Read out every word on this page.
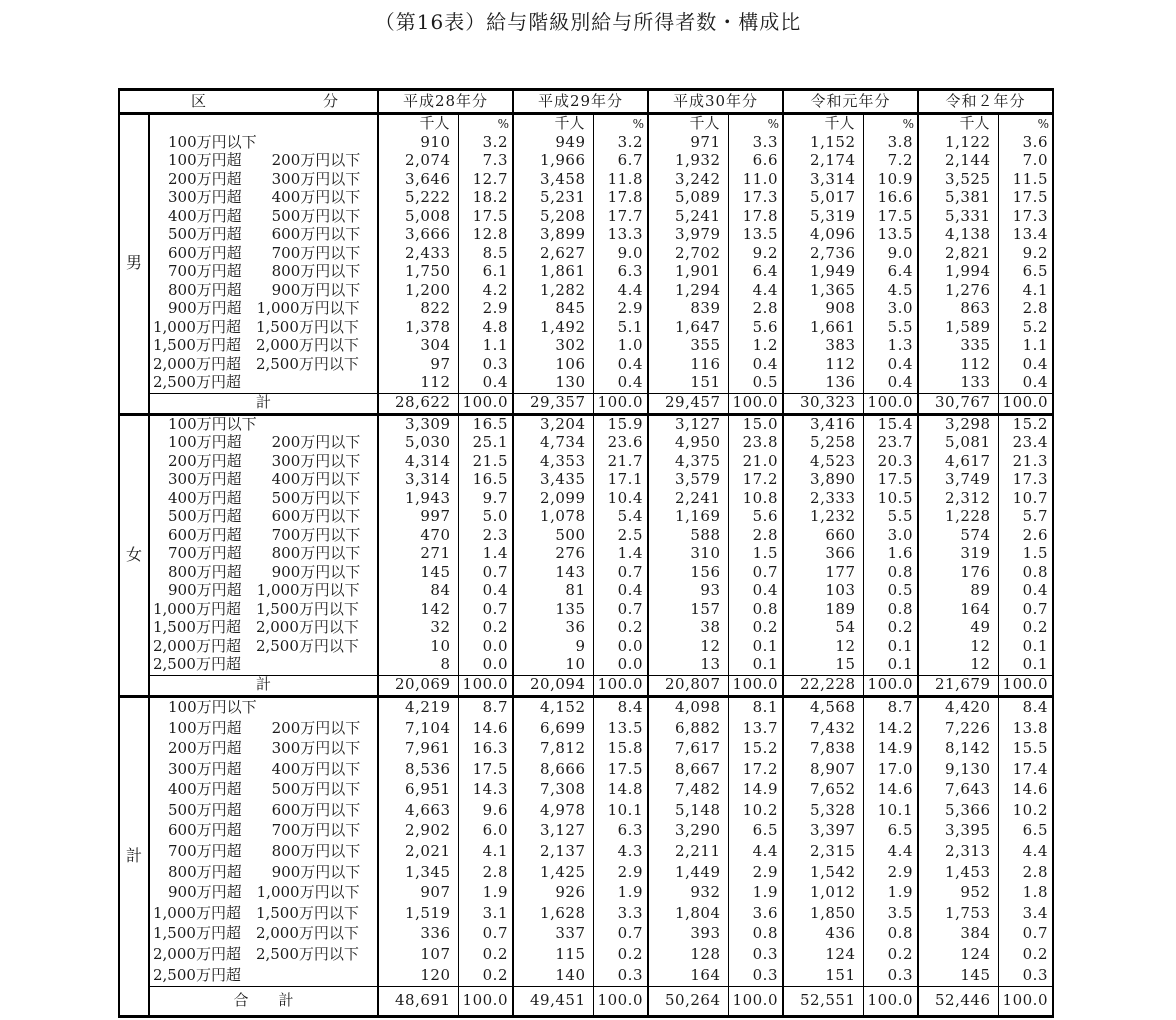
（第16表）給与階級別給与所得者数・構成比
区 分		平成28年分		平成29年分		平成30年分		令和元年分		令和２年分	
男		千人	%	千人	%	千人	%	千人	%	千人	%
	　100万円以下	910	3.2	949	3.2	971	3.3	1,152	3.8	1,122	3.6
	　100万円超　　200万円以下	2,074	7.3	1,966	6.7	1,932	6.6	2,174	7.2	2,144	7.0
	　200万円超　　300万円以下	3,646	12.7	3,458	11.8	3,242	11.0	3,314	10.9	3,525	11.5
	　300万円超　　400万円以下	5,222	18.2	5,231	17.8	5,089	17.3	5,017	16.6	5,381	17.5
	　400万円超　　500万円以下	5,008	17.5	5,208	17.7	5,241	17.8	5,319	17.5	5,331	17.3
	　500万円超　　600万円以下	3,666	12.8	3,899	13.3	3,979	13.5	4,096	13.5	4,138	13.4
	　600万円超　　700万円以下	2,433	8.5	2,627	9.0	2,702	9.2	2,736	9.0	2,821	9.2
	　700万円超　　800万円以下	1,750	6.1	1,861	6.3	1,901	6.4	1,949	6.4	1,994	6.5
	　800万円超　　900万円以下	1,200	4.2	1,282	4.4	1,294	4.4	1,365	4.5	1,276	4.1
	　900万円超　1,000万円以下	822	2.9	845	2.9	839	2.8	908	3.0	863	2.8
	1,000万円超　1,500万円以下	1,378	4.8	1,492	5.1	1,647	5.6	1,661	5.5	1,589	5.2
	1,500万円超　2,000万円以下	304	1.1	302	1.0	355	1.2	383	1.3	335	1.1
	2,000万円超　2,500万円以下	97	0.3	106	0.4	116	0.4	112	0.4	112	0.4
	2,500万円超	112	0.4	130	0.4	151	0.5	136	0.4	133	0.4
	計	28,622	100.0	29,357	100.0	29,457	100.0	30,323	100.0	30,767	100.0
女	　100万円以下	3,309	16.5	3,204	15.9	3,127	15.0	3,416	15.4	3,298	15.2
	　100万円超　　200万円以下	5,030	25.1	4,734	23.6	4,950	23.8	5,258	23.7	5,081	23.4
	　200万円超　　300万円以下	4,314	21.5	4,353	21.7	4,375	21.0	4,523	20.3	4,617	21.3
	　300万円超　　400万円以下	3,314	16.5	3,435	17.1	3,579	17.2	3,890	17.5	3,749	17.3
	　400万円超　　500万円以下	1,943	9.7	2,099	10.4	2,241	10.8	2,333	10.5	2,312	10.7
	　500万円超　　600万円以下	997	5.0	1,078	5.4	1,169	5.6	1,232	5.5	1,228	5.7
	　600万円超　　700万円以下	470	2.3	500	2.5	588	2.8	660	3.0	574	2.6
	　700万円超　　800万円以下	271	1.4	276	1.4	310	1.5	366	1.6	319	1.5
	　800万円超　　900万円以下	145	0.7	143	0.7	156	0.7	177	0.8	176	0.8
	　900万円超　1,000万円以下	84	0.4	81	0.4	93	0.4	103	0.5	89	0.4
	1,000万円超　1,500万円以下	142	0.7	135	0.7	157	0.8	189	0.8	164	0.7
	1,500万円超　2,000万円以下	32	0.2	36	0.2	38	0.2	54	0.2	49	0.2
	2,000万円超　2,500万円以下	10	0.0	9	0.0	12	0.1	12	0.1	12	0.1
	2,500万円超	8	0.0	10	0.0	13	0.1	15	0.1	12	0.1
	計	20,069	100.0	20,094	100.0	20,807	100.0	22,228	100.0	21,679	100.0
計	　100万円以下	4,219	8.7	4,152	8.4	4,098	8.1	4,568	8.7	4,420	8.4
	　100万円超　　200万円以下	7,104	14.6	6,699	13.5	6,882	13.7	7,432	14.2	7,226	13.8
	　200万円超　　300万円以下	7,961	16.3	7,812	15.8	7,617	15.2	7,838	14.9	8,142	15.5
	　300万円超　　400万円以下	8,536	17.5	8,666	17.5	8,667	17.2	8,907	17.0	9,130	17.4
	　400万円超　　500万円以下	6,951	14.3	7,308	14.8	7,482	14.9	7,652	14.6	7,643	14.6
	　500万円超　　600万円以下	4,663	9.6	4,978	10.1	5,148	10.2	5,328	10.1	5,366	10.2
	　600万円超　　700万円以下	2,902	6.0	3,127	6.3	3,290	6.5	3,397	6.5	3,395	6.5
	　700万円超　　800万円以下	2,021	4.1	2,137	4.3	2,211	4.4	2,315	4.4	2,313	4.4
	　800万円超　　900万円以下	1,345	2.8	1,425	2.9	1,449	2.9	1,542	2.9	1,453	2.8
	　900万円超　1,000万円以下	907	1.9	926	1.9	932	1.9	1,012	1.9	952	1.8
	1,000万円超　1,500万円以下	1,519	3.1	1,628	3.3	1,804	3.6	1,850	3.5	1,753	3.4
	1,500万円超　2,000万円以下	336	0.7	337	0.7	393	0.8	436	0.8	384	0.7
	2,000万円超　2,500万円以下	107	0.2	115	0.2	128	0.3	124	0.2	124	0.2
	2,500万円超	120	0.2	140	0.3	164	0.3	151	0.3	145	0.3
	合　　計	48,691	100.0	49,451	100.0	50,264	100.0	52,551	100.0	52,446	100.0
